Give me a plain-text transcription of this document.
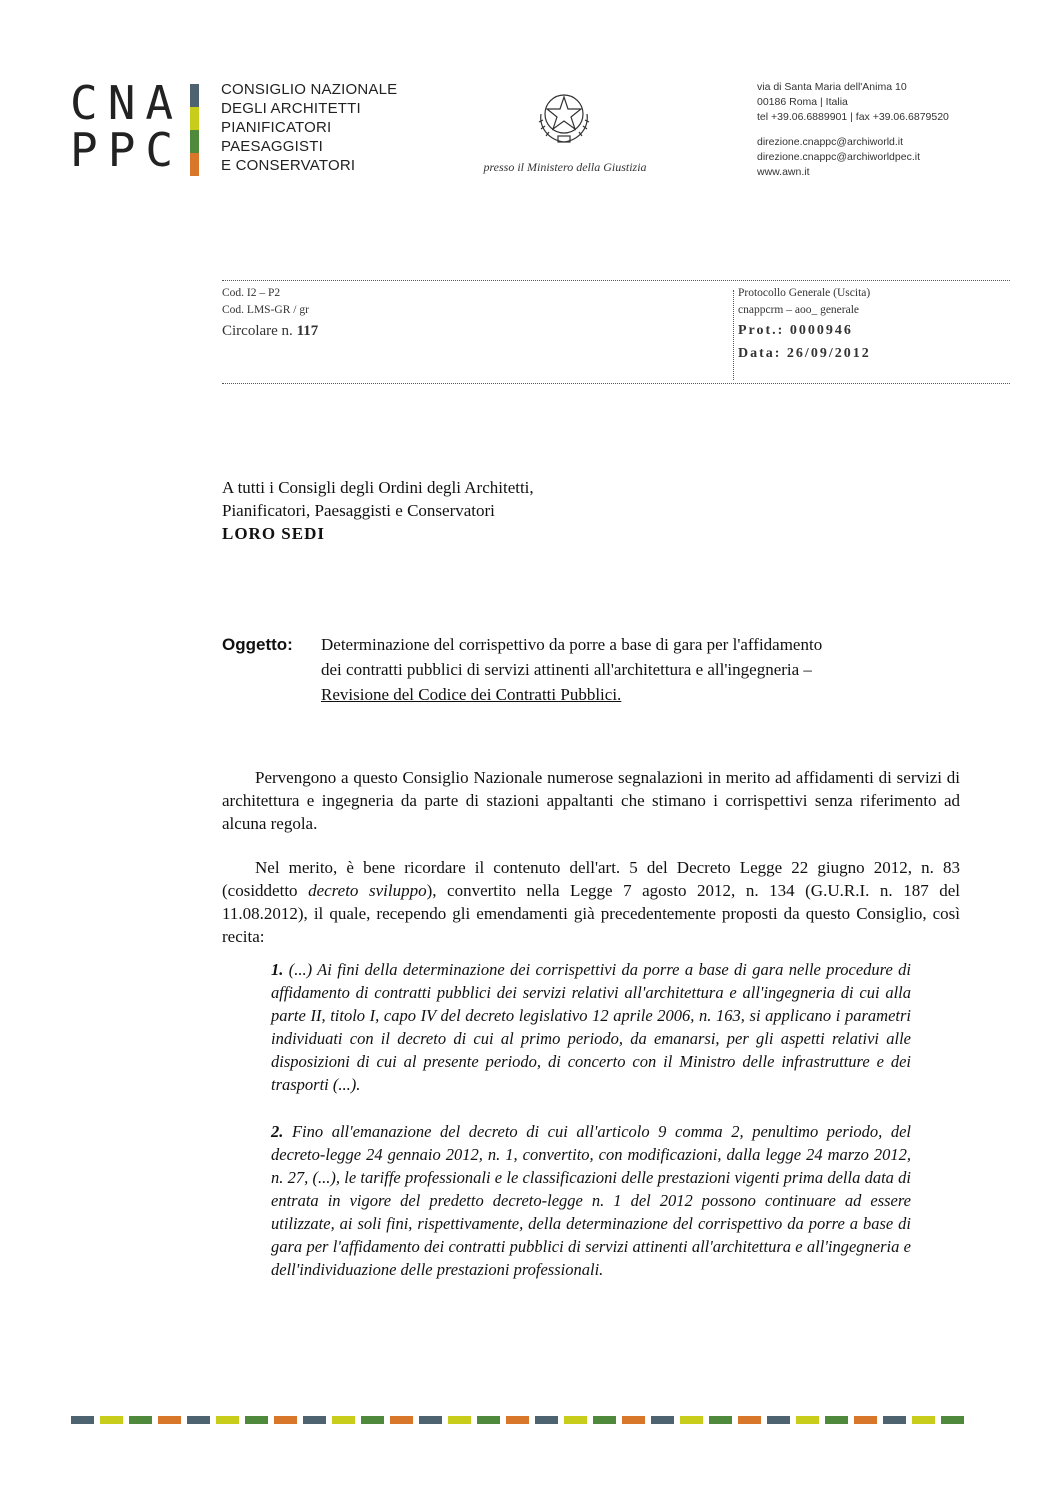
CNA
PPC
CONSIGLIO NAZIONALE
DEGLI ARCHITETTI
PIANIFICATORI
PAESAGGISTI
E CONSERVATORI	presso il Ministero della Giustizia
via di Santa Maria dell'Anima 10
00186 Roma | Italia
tel +39.06.6889901 | fax +39.06.6879520
direzione.cnappc@archiworld.it
direzione.cnappc@archiworldpec.it
www.awn.it
Cod. I2 – P2
Cod. LMS-GR / gr
Circolare n. 117
Protocollo Generale (Uscita)
cnappcrm – aoo_ generale
Prot.: 0000946
Data: 26/09/2012
A tutti i Consigli degli Ordini degli Architetti,
Pianificatori, Paesaggisti e Conservatori
LORO SEDI
Oggetto: Determinazione del corrispettivo da porre a base di gara per l'affidamento
dei contratti pubblici di servizi attinenti all'architettura e all'ingegneria –
Revisione del Codice dei Contratti Pubblici.
Pervengono a questo Consiglio Nazionale numerose segnalazioni in merito ad affidamenti di servizi di architettura e ingegneria da parte di stazioni appaltanti che stimano i corrispettivi senza riferimento ad alcuna regola.
Nel merito, è bene ricordare il contenuto dell'art. 5 del Decreto Legge 22 giugno 2012, n. 83 (cosiddetto decreto sviluppo), convertito nella Legge 7 agosto 2012, n. 134 (G.U.R.I. n. 187 del 11.08.2012), il quale, recependo gli emendamenti già precedentemente proposti da questo Consiglio, così recita:
1. (...) Ai fini della determinazione dei corrispettivi da porre a base di gara nelle procedure di affidamento di contratti pubblici dei servizi relativi all'architettura e all'ingegneria di cui alla parte II, titolo I, capo IV del decreto legislativo 12 aprile 2006, n. 163, si applicano i parametri individuati con il decreto di cui al primo periodo, da emanarsi, per gli aspetti relativi alle disposizioni di cui al presente periodo, di concerto con il Ministro delle infrastrutture e dei trasporti (...).
2. Fino all'emanazione del decreto di cui all'articolo 9 comma 2, penultimo periodo, del decreto-legge 24 gennaio 2012, n. 1, convertito, con modificazioni, dalla legge 24 marzo 2012, n. 27, (...), le tariffe professionali e le classificazioni delle prestazioni vigenti prima della data di entrata in vigore del predetto decreto-legge n. 1 del 2012 possono continuare ad essere utilizzate, ai soli fini, rispettivamente, della determinazione del corrispettivo da porre a base di gara per l'affidamento dei contratti pubblici di servizi attinenti all'architettura e all'ingegneria e dell'individuazione delle prestazioni professionali.
